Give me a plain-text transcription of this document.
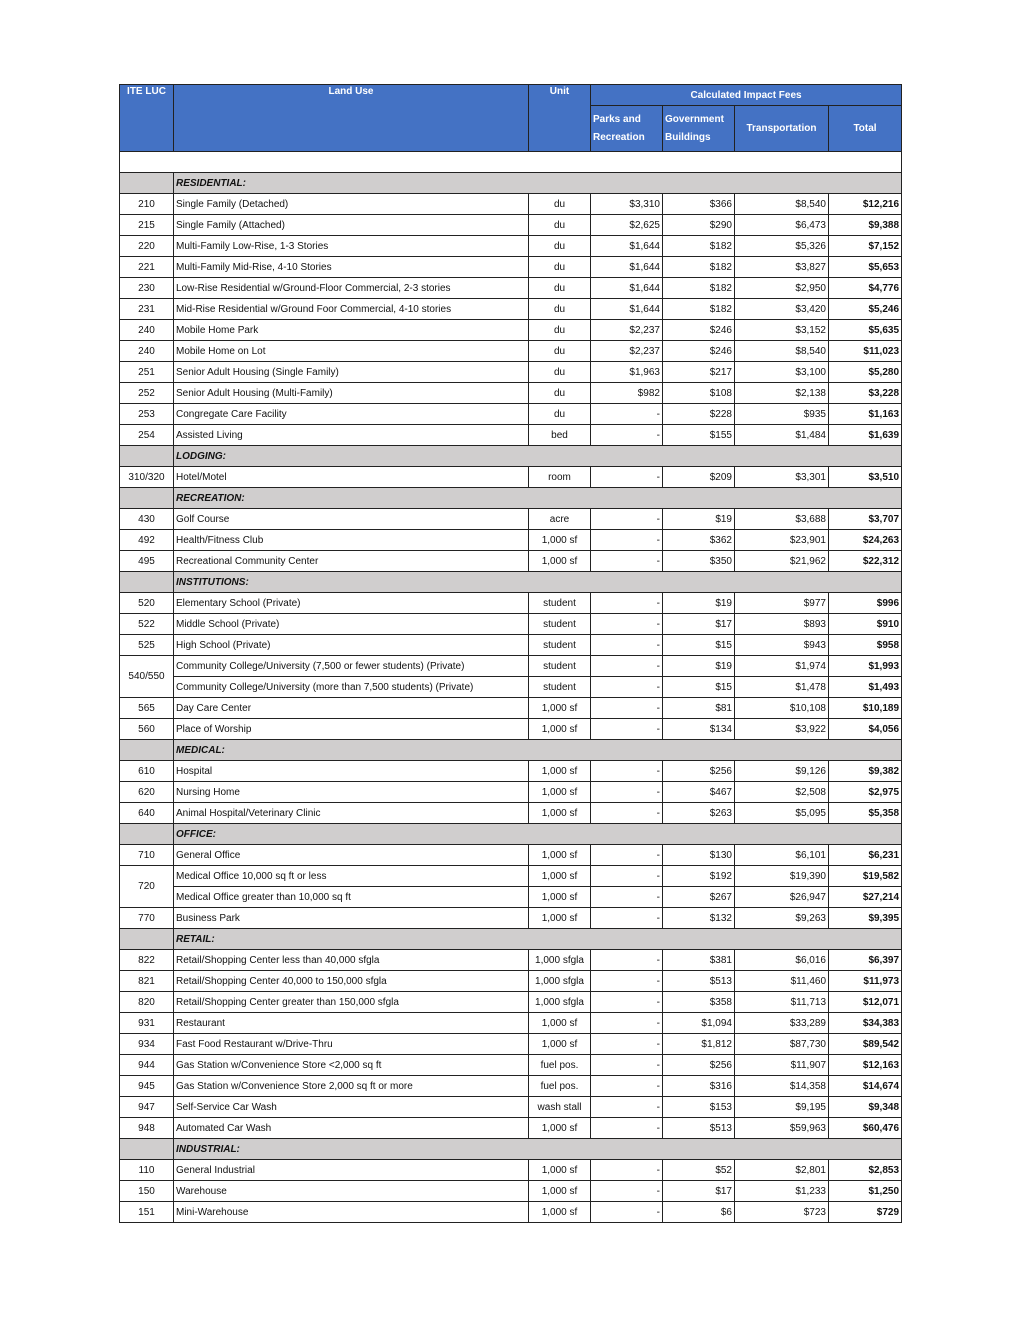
ITE LUC	Land Use	Unit	Calculated Impact Fees			
			Parks and Recreation	Government Buildings	Transportation	Total

	RESIDENTIAL:					
210	Single Family (Detached)	du	$3,310	$366	$8,540	$12,216
215	Single Family (Attached)	du	$2,625	$290	$6,473	$9,388
220	Multi-Family Low-Rise, 1-3 Stories	du	$1,644	$182	$5,326	$7,152
221	Multi-Family Mid-Rise, 4-10 Stories	du	$1,644	$182	$3,827	$5,653
230	Low-Rise Residential w/Ground-Floor Commercial, 2-3 stories	du	$1,644	$182	$2,950	$4,776
231	Mid-Rise Residential w/Ground Foor Commercial, 4-10 stories	du	$1,644	$182	$3,420	$5,246
240	Mobile Home Park	du	$2,237	$246	$3,152	$5,635
240	Mobile Home on Lot	du	$2,237	$246	$8,540	$11,023
251	Senior Adult Housing (Single Family)	du	$1,963	$217	$3,100	$5,280
252	Senior Adult Housing (Multi-Family)	du	$982	$108	$2,138	$3,228
253	Congregate Care Facility	du	-	$228	$935	$1,163
254	Assisted Living	bed	-	$155	$1,484	$1,639
	LODGING:					
310/320	Hotel/Motel	room	-	$209	$3,301	$3,510
	RECREATION:					
430	Golf Course	acre	-	$19	$3,688	$3,707
492	Health/Fitness Club	1,000 sf	-	$362	$23,901	$24,263
495	Recreational Community Center	1,000 sf	-	$350	$21,962	$22,312
	INSTITUTIONS:					
520	Elementary School (Private)	student	-	$19	$977	$996
522	Middle School (Private)	student	-	$17	$893	$910
525	High School (Private)	student	-	$15	$943	$958
540/550	Community College/University (7,500 or fewer students) (Private)	student	-	$19	$1,974	$1,993
	Community College/University (more than 7,500 students) (Private)	student	-	$15	$1,478	$1,493
565	Day Care Center	1,000 sf	-	$81	$10,108	$10,189
560	Place of Worship	1,000 sf	-	$134	$3,922	$4,056
	MEDICAL:					
610	Hospital	1,000 sf	-	$256	$9,126	$9,382
620	Nursing Home	1,000 sf	-	$467	$2,508	$2,975
640	Animal Hospital/Veterinary Clinic	1,000 sf	-	$263	$5,095	$5,358
	OFFICE:					
710	General Office	1,000 sf	-	$130	$6,101	$6,231
720	Medical Office 10,000 sq ft or less	1,000 sf	-	$192	$19,390	$19,582
	Medical Office greater than 10,000 sq ft	1,000 sf	-	$267	$26,947	$27,214
770	Business Park	1,000 sf	-	$132	$9,263	$9,395
	RETAIL:					
822	Retail/Shopping Center less than 40,000 sfgla	1,000 sfgla	-	$381	$6,016	$6,397
821	Retail/Shopping Center 40,000 to 150,000 sfgla	1,000 sfgla	-	$513	$11,460	$11,973
820	Retail/Shopping Center greater than 150,000 sfgla	1,000 sfgla	-	$358	$11,713	$12,071
931	Restaurant	1,000 sf	-	$1,094	$33,289	$34,383
934	Fast Food Restaurant w/Drive-Thru	1,000 sf	-	$1,812	$87,730	$89,542
944	Gas Station w/Convenience Store <2,000 sq ft	fuel pos.	-	$256	$11,907	$12,163
945	Gas Station w/Convenience Store 2,000 sq ft or more	fuel pos.	-	$316	$14,358	$14,674
947	Self-Service Car Wash	wash stall	-	$153	$9,195	$9,348
948	Automated Car Wash	1,000 sf	-	$513	$59,963	$60,476
	INDUSTRIAL:					
110	General Industrial	1,000 sf	-	$52	$2,801	$2,853
150	Warehouse	1,000 sf	-	$17	$1,233	$1,250
151	Mini-Warehouse	1,000 sf	-	$6	$723	$729
